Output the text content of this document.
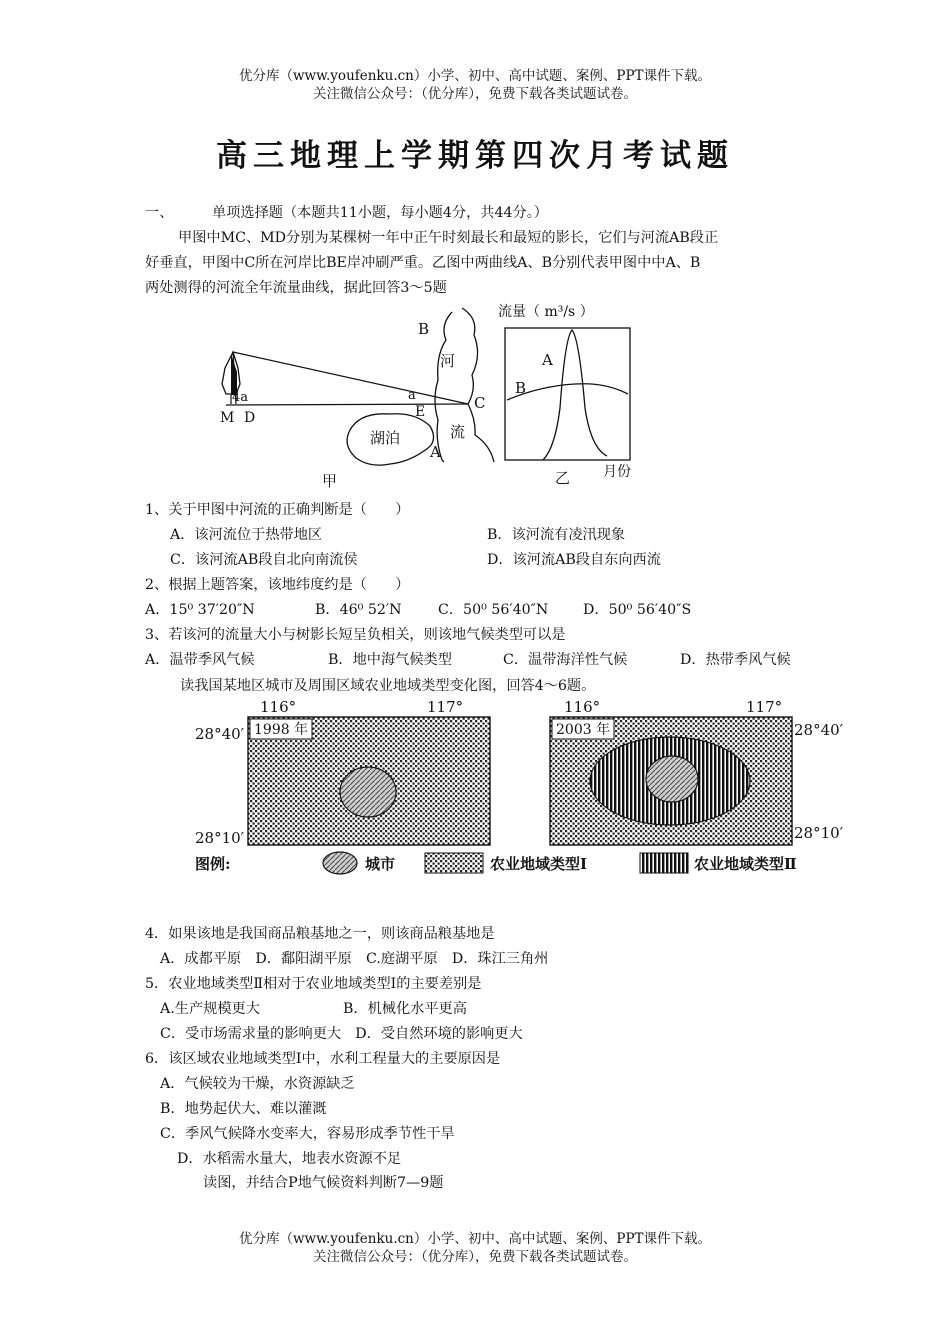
优分库（www.youfenku.cn）小学、初中、高中试题、案例、PPT课件下载。
关注微信公众号：（优分库），免费下载各类试题试卷。
高三地理上学期第四次月考试题
一、	单项选择题（本题共11小题，每小题4分，共44分。）
甲图中MC、MD分别为某棵树一年中正午时刻最长和最短的影长，它们与河流AB段正
好垂直，甲图中C所在河岸比BE岸冲刷严重。乙图中两曲线A、B分别代表甲图中中A、B
两处测得的河流全年流量曲线，据此回答3～5题
4a
M D
B
河
a
E	C
湖泊	流
A
甲
流量（ m³/s ）
A
B
乙 月份
1、关于甲图中河流的正确判断是（　　）
A．该河流位于热带地区	B．该河流有凌汛现象
C．该河流AB段自北向南流侯	D．该河流AB段自东向西流
2、根据上题答案，该地纬度约是（　　）
A．15⁰ 37′20″N	B．46⁰ 52′N	C．50⁰ 56′40″N D．50⁰ 56′40″S
3、若该河的流量大小与树影长短呈负相关，则该地气候类型可以是
A．温带季风气候	B．地中海气候类型	C．温带海洋性气候	D．热带季风气候
读我国某地区城市及周围区域农业地域类型变化图，回答4～6题。
1998 年
116°	117°
28°40′
28°10′
2003 年
116°	117°
28°40′
28°10′
图例:	城市	农业地域类型Ⅰ	农业地域类型Ⅱ
4．如果该地是我国商品粮基地之一，则该商品粮基地是
A．成都平原　D．鄱阳湖平原　C.庭湖平原　D．珠江三角州
5．农业地域类型Ⅱ相对于农业地域类型Ⅰ的主要差别是
A.生产规模更大	B．机械化水平更高
C．受市场需求量的影响更大　D．受自然环境的影响更大
6．该区域农业地域类型Ⅰ中，水利工程量大的主要原因是
A．气候较为干燥，水资源缺乏
B．地势起伏大、难以灌溉
C．季风气候降水变率大，容易形成季节性干旱
D．水稻需水量大，地表水资源不足
读图，并结合P地气候资料判断7—9题
优分库（www.youfenku.cn）小学、初中、高中试题、案例、PPT课件下载。
关注微信公众号：（优分库），免费下载各类试题试卷。
